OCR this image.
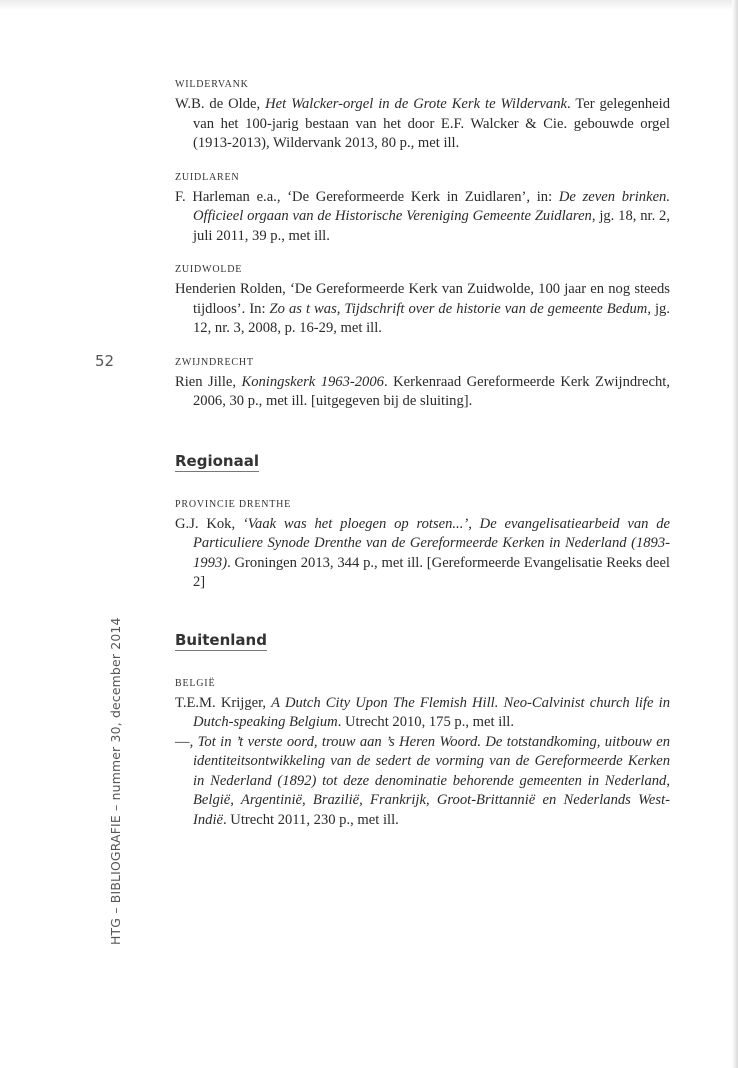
52
HTG – BIBLIOGRAFIE – nummer 30, december 2014

WILDERVANK

W.B. de Olde, Het Walcker-orgel in de Grote Kerk te Wildervank. Ter gelegenheid van het 100-jarig bestaan van het door E.F. Walcker & Cie. gebouwde orgel (1913-2013), Wildervank 2013, 80 p., met ill.

ZUIDLAREN

F. Harleman e.a., ‘De Gereformeerde Kerk in Zuidlaren’, in: De zeven brinken. Officieel orgaan van de Historische Vereniging Gemeente Zuidlaren, jg. 18, nr. 2, juli 2011, 39 p., met ill.

ZUIDWOLDE

Henderien Rolden, ‘De Gereformeerde Kerk van Zuidwolde, 100 jaar en nog steeds tijdloos’. In: Zo as t was, Tijdschrift over de historie van de gemeente Bedum, jg. 12, nr. 3, 2008, p. 16-29, met ill.

ZWIJNDRECHT

Rien Jille, Koningskerk 1963-2006. Kerkenraad Gereformeerde Kerk Zwijndrecht, 2006, 30 p., met ill. [uitgegeven bij de sluiting].

Regionaal

PROVINCIE DRENTHE

G.J. Kok, ‘Vaak was het ploegen op rotsen...’, De evangelisatiearbeid van de Particuliere Synode Drenthe van de Gereformeerde Kerken in Nederland (1893-1993). Groningen 2013, 344 p., met ill. [Gereformeerde Evangelisatie Reeks deel 2]

Buitenland

BELGIË

T.E.M. Krijger, A Dutch City Upon The Flemish Hill. Neo-Calvinist church life in Dutch-speaking Belgium. Utrecht 2010, 175 p., met ill.

—, Tot in ’t verste oord, trouw aan ’s Heren Woord. De totstandkoming, uitbouw en identiteitsontwikkeling van de sedert de vorming van de Gereformeerde Kerken in Nederland (1892) tot deze denominatie behorende gemeenten in Nederland, België, Argentinië, Brazilië, Frankrijk, Groot-Brittannië en Nederlands West-Indië. Utrecht 2011, 230 p., met ill.
